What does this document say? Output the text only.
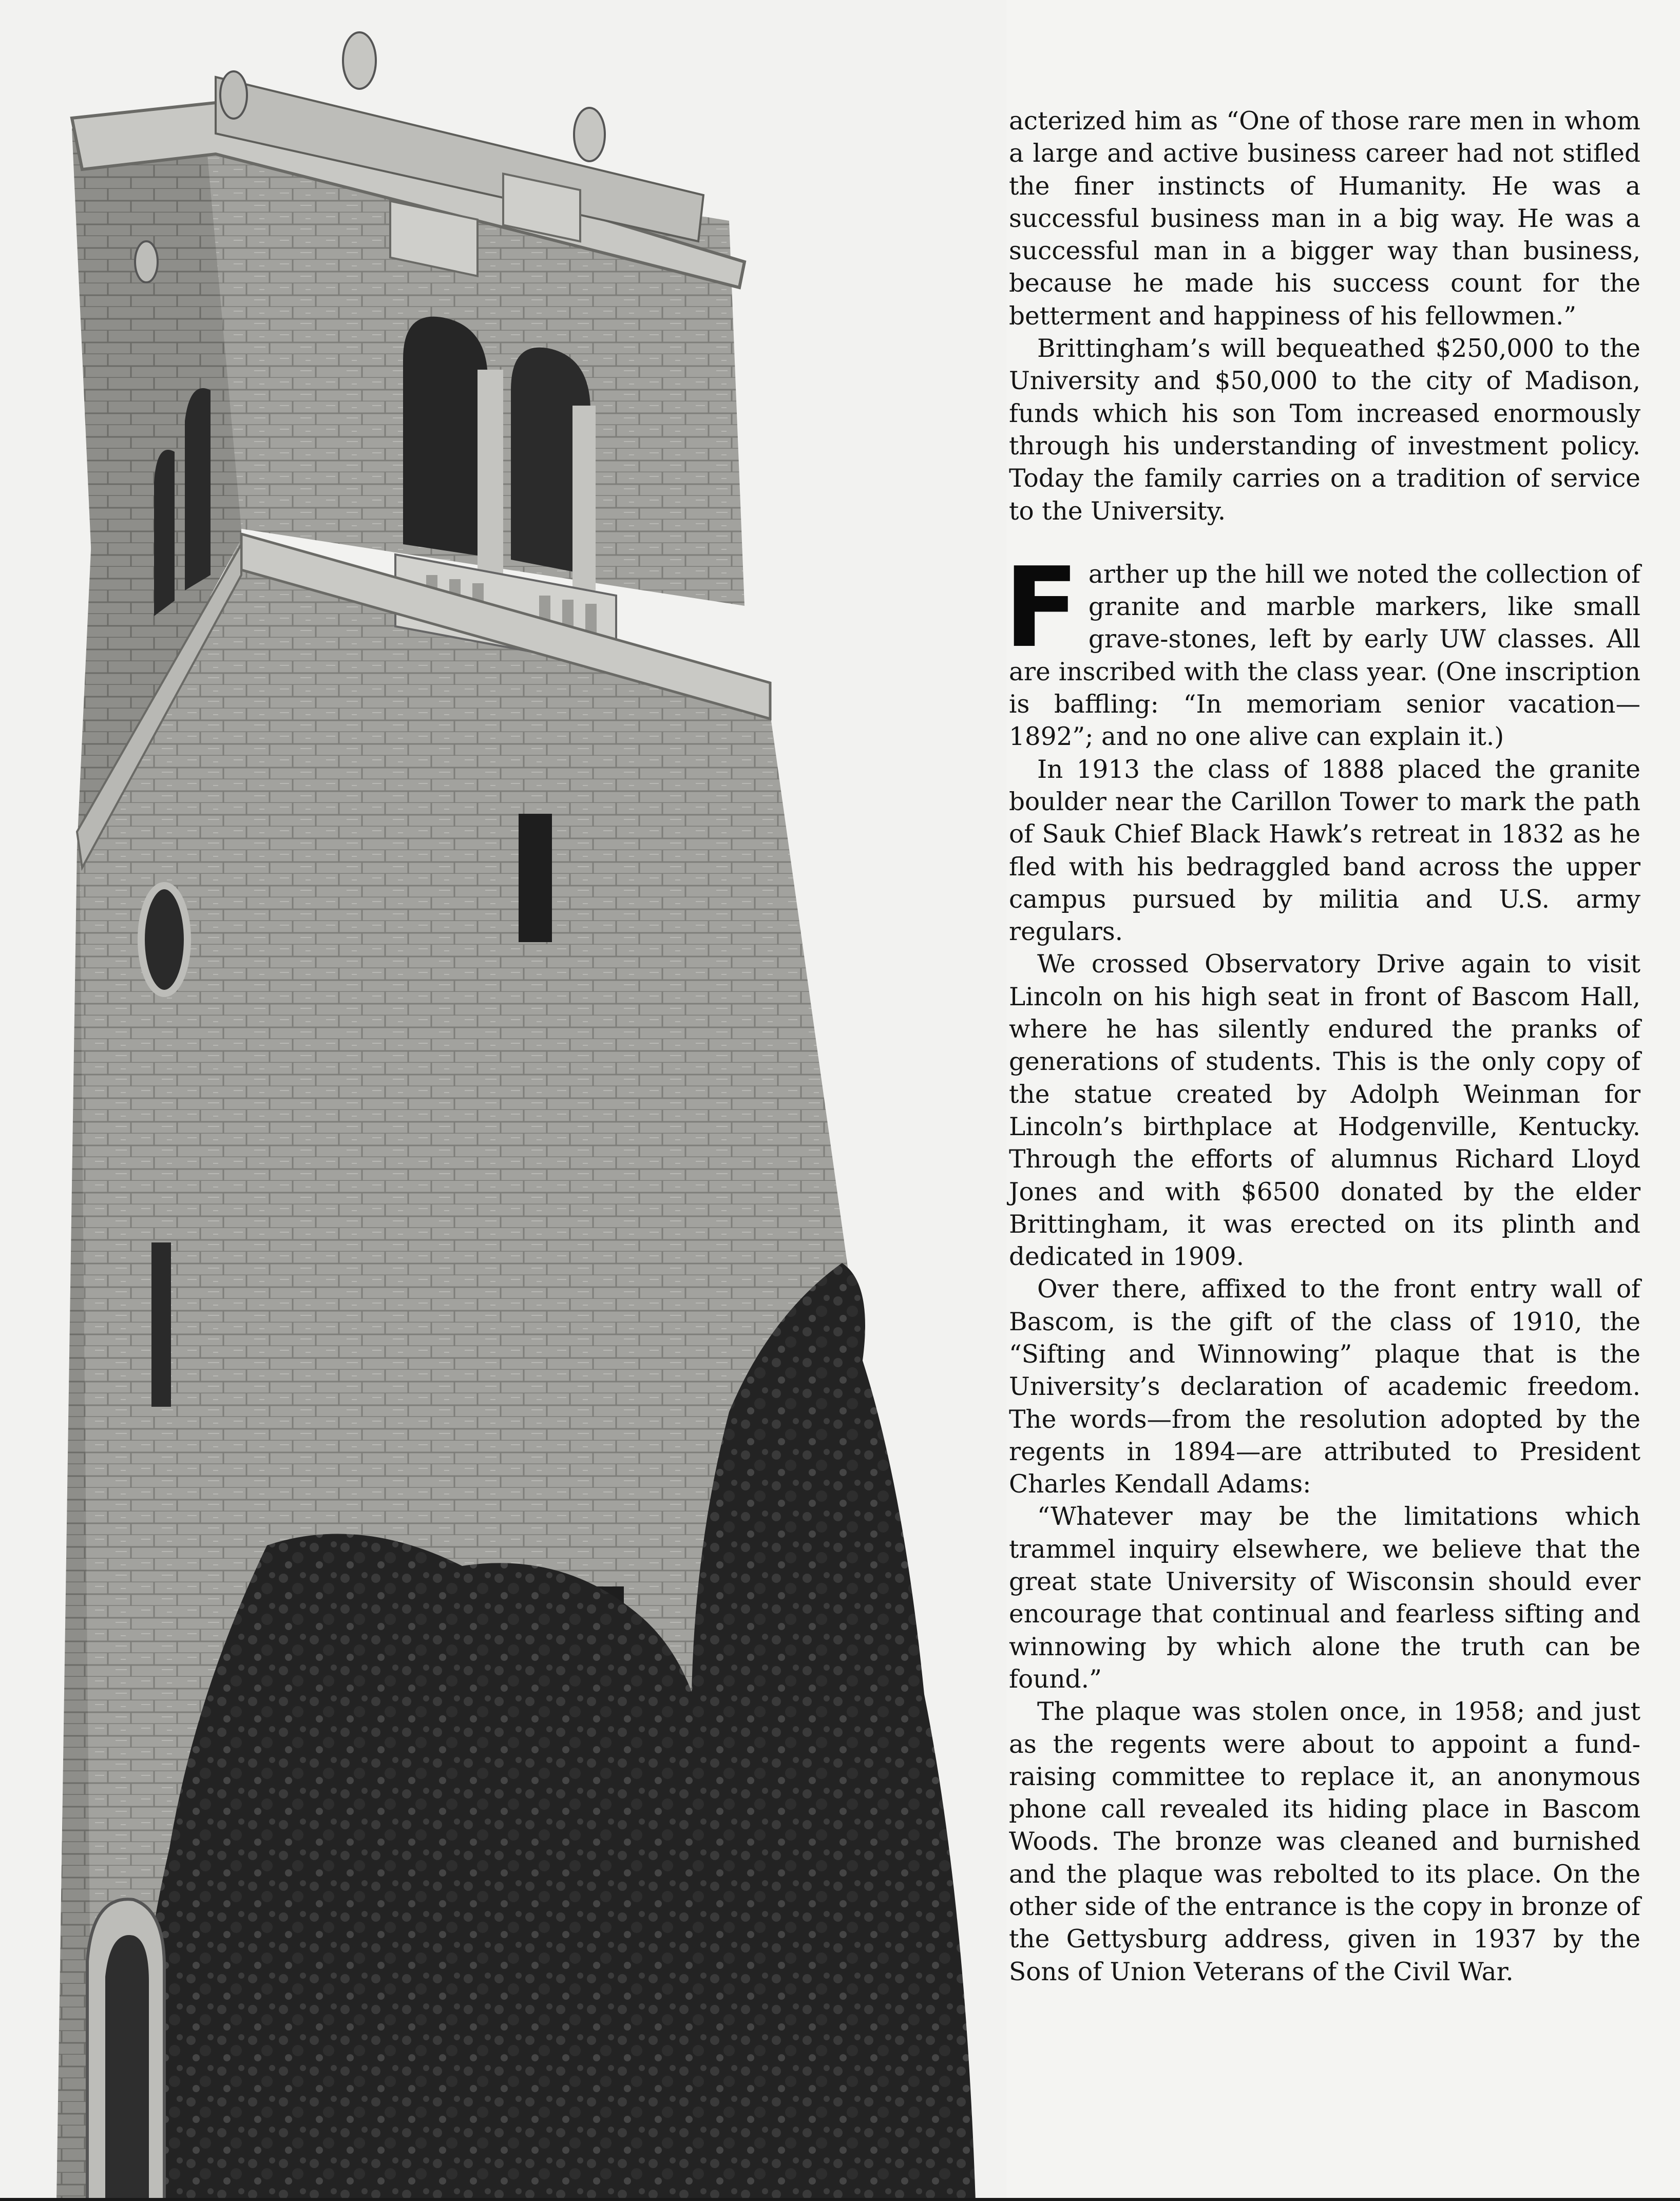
acterized him as “One of those rare men in whom a large and active business career had not stifled the finer instincts of Humanity. He was a successful business man in a big way. He was a successful man in a bigger way than business, because he made his success count for the betterment and happiness of his fellowmen.”

Brittingham’s will bequeathed $250,000 to the University and $50,000 to the city of Madison, funds which his son Tom increased enormously through his understanding of investment policy. Today the family carries on a tradition of service to the University.

Farther up the hill we noted the collection of granite and marble markers, like small grave-stones, left by early UW classes. All are inscribed with the class year. (One inscription is baffling: “In memoriam senior vacation—1892”; and no one alive can explain it.)

In 1913 the class of 1888 placed the granite boulder near the Carillon Tower to mark the path of Sauk Chief Black Hawk’s retreat in 1832 as he fled with his bedraggled band across the upper campus pursued by militia and U.S. army regulars.

We crossed Observatory Drive again to visit Lincoln on his high seat in front of Bascom Hall, where he has silently endured the pranks of generations of students. This is the only copy of the statue created by Adolph Weinman for Lincoln’s birthplace at Hodgenville, Kentucky. Through the efforts of alumnus Richard Lloyd Jones and with $6500 donated by the elder Brittingham, it was erected on its plinth and dedicated in 1909.

Over there, affixed to the front entry wall of Bascom, is the gift of the class of 1910, the “Sifting and Winnowing” plaque that is the University’s declaration of academic freedom. The words—from the resolution adopted by the regents in 1894—are attributed to President Charles Kendall Adams:

“Whatever may be the limitations which trammel inquiry elsewhere, we believe that the great state University of Wisconsin should ever encourage that continual and fearless sifting and winnowing by which alone the truth can be found.”

The plaque was stolen once, in 1958; and just as the regents were about to appoint a fund-raising committee to replace it, an anonymous phone call revealed its hiding place in Bascom Woods. The bronze was cleaned and burnished and the plaque was rebolted to its place. On the other side of the entrance is the copy in bronze of the Gettysburg address, given in 1937 by the Sons of Union Veterans of the Civil War.
